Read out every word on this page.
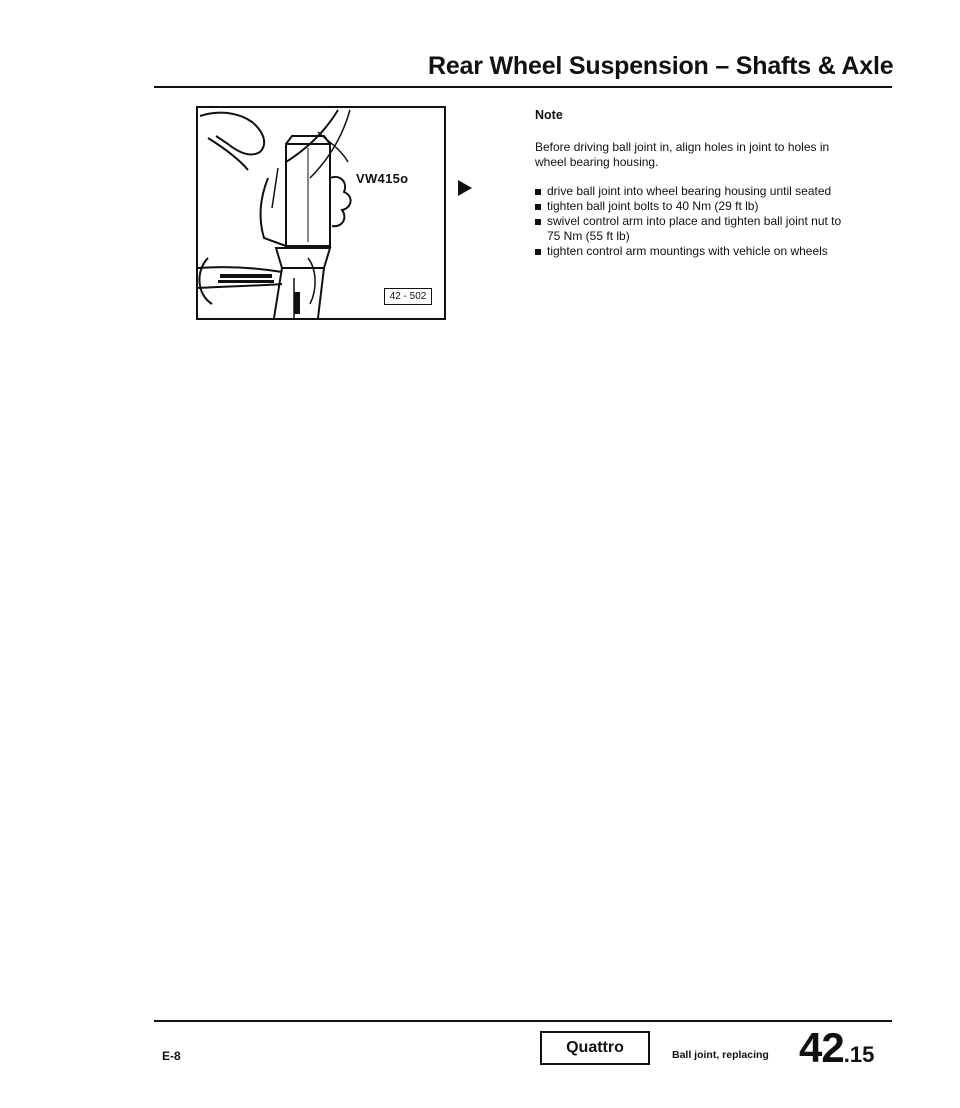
Rear Wheel Suspension – Shafts & Axle
VW415o
42 - 502
Note
Before driving ball joint in, align holes in joint to holes in wheel bearing housing.
drive ball joint into wheel bearing housing until seated
tighten ball joint bolts to 40 Nm (29 ft lb)
swivel control arm into place and tighten ball joint nut to 75 Nm (55 ft lb)
tighten control arm mountings with vehicle on wheels
E-8	Quattro	Ball joint, replacing 42.15
